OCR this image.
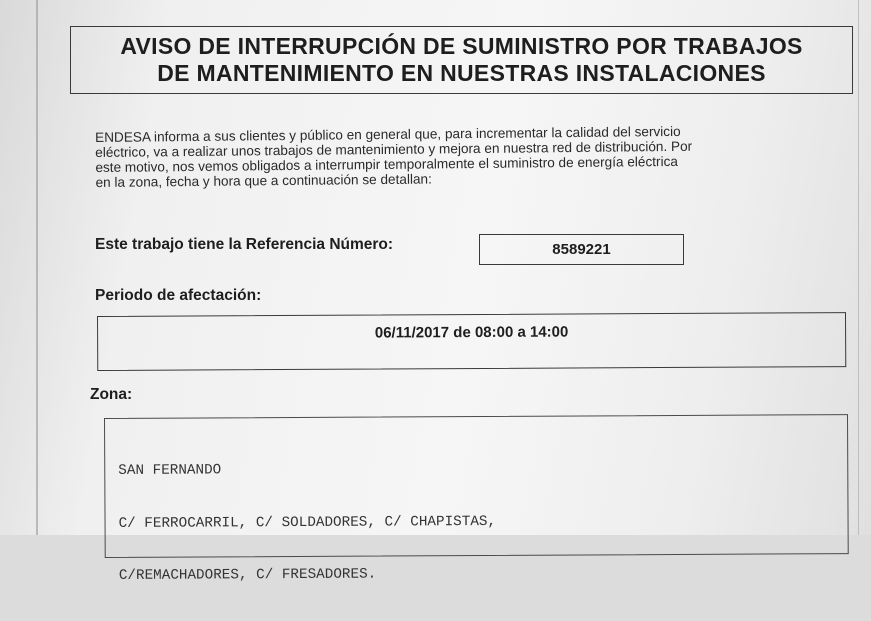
AVISO DE INTERRUPCIÓN DE SUMINISTRO POR TRABAJOS
DE MANTENIMIENTO EN NUESTRAS INSTALACIONES
ENDESA informa a sus clientes y público en general que, para incrementar la calidad del servicio
eléctrico, va a realizar unos trabajos de mantenimiento y mejora en nuestra red de distribución. Por
este motivo, nos vemos obligados a interrumpir temporalmente el suministro de energía eléctrica
en la zona, fecha y hora que a continuación se detallan:
Este trabajo tiene la Referencia Número:	8589221
Periodo de afectación:
06/11/2017 de 08:00 a 14:00
Zona:

SAN FERNANDO

C/ FERROCARRIL, C/ SOLDADORES, C/ CHAPISTAS,

C/REMACHADORES, C/ FRESADORES.
